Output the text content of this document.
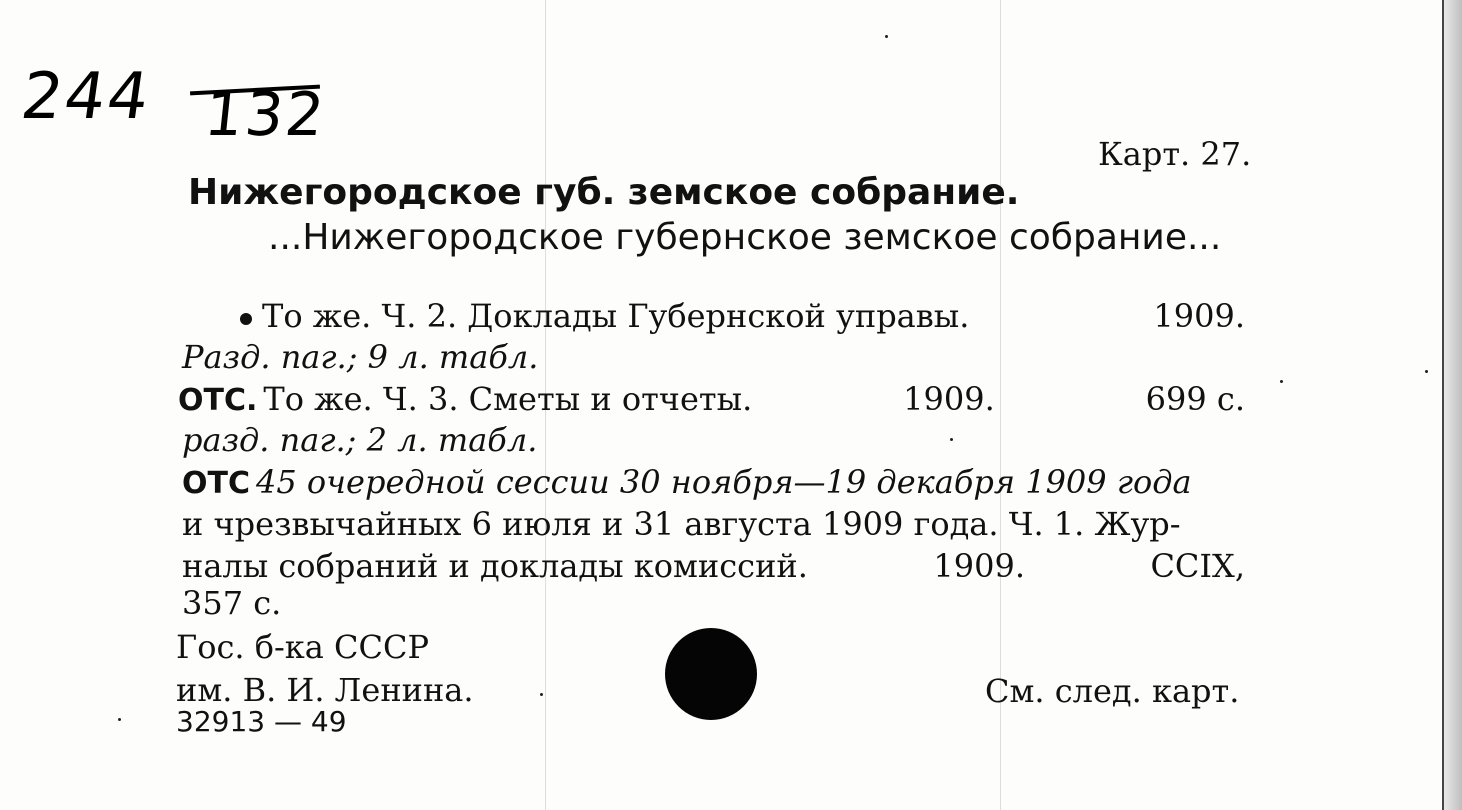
244 132
Карт. 27.
Нижегородское губ. земское собрание.
...Нижегородское губернское земское собрание...
То же. Ч. 2. Доклады Губернской управы.	1909.
Разд. паг.; 9 л. табл.
ОТС. То же. Ч. 3. Сметы и отчеты.	1909.	699 с.
разд. паг.; 2 л. табл.
ОТС 45 очередной сессии 30 ноября—19 декабря 1909 года
и чрезвычайных 6 июля и 31 августа 1909 года. Ч. 1. Жур-
налы собраний и доклады комиссий.	1909.	CCIX,
357 с.
Гос. б-ка СССР
им. В. И. Ленина.
32913 — 49
См. след. карт.
